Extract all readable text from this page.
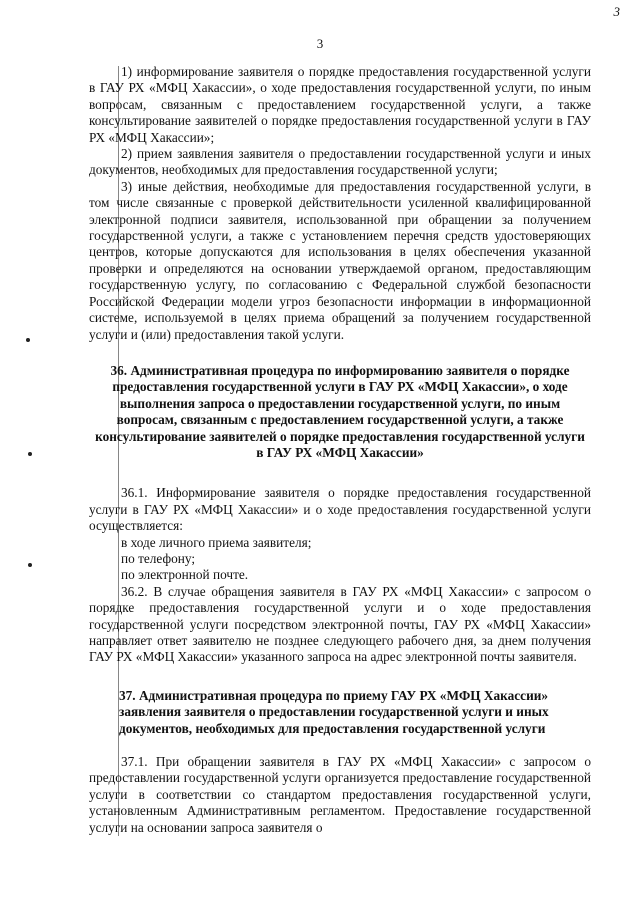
3
3

1) информирование заявителя о порядке предоставления государственной услуги в ГАУ РХ «МФЦ Хакассии», о ходе предоставления государственной услуги, по иным вопросам, связанным с предоставлением государственной услуги, а также консультирование заявителей о порядке предоставления государственной услуги в ГАУ РХ «МФЦ Хакассии»;

2) прием заявления заявителя о предоставлении государственной услуги и иных документов, необходимых для предоставления государственной услуги;

3) иные действия, необходимые для предоставления государственной услуги, в том числе связанные с проверкой действительности усиленной квалифицированной электронной подписи заявителя, использованной при обращении за получением государственной услуги, а также с установлением перечня средств удостоверяющих центров, которые допускаются для использования в целях обеспечения указанной проверки и определяются на основании утверждаемой органом, предоставляющим государственную услугу, по согласованию с Федеральной службой безопасности Российской Федерации модели угроз безопасности информации в информационной системе, используемой в целях приема обращений за получением государственной услуги и (или) предоставления такой услуги.

36. Административная процедура по информированию заявителя о порядке предоставления государственной услуги в ГАУ РХ «МФЦ Хакассии», о ходе выполнения запроса о предоставлении государственной услуги, по иным вопросам, связанным с предоставлением государственной услуги, а также консультирование заявителей о порядке предоставления государственной услуги в ГАУ РХ «МФЦ Хакассии»

36.1. Информирование заявителя о порядке предоставления государственной услуги в ГАУ РХ «МФЦ Хакассии» и о ходе предоставления государственной услуги осуществляется:

в ходе личного приема заявителя;
по телефону;
по электронной почте.

36.2. В случае обращения заявителя в ГАУ РХ «МФЦ Хакассии» с запросом о порядке предоставления государственной услуги и о ходе предоставления государственной услуги посредством электронной почты, ГАУ РХ «МФЦ Хакассии» направляет ответ заявителю не позднее следующего рабочего дня, за днем получения ГАУ РХ «МФЦ Хакассии» указанного запроса на адрес электронной почты заявителя.

37. Административная процедура по приему ГАУ РХ «МФЦ Хакассии» заявления заявителя о предоставлении государственной услуги и иных документов, необходимых для предоставления государственной услуги

37.1. При обращении заявителя в ГАУ РХ «МФЦ Хакассии» с запросом о предоставлении государственной услуги организуется предоставление государственной услуги в соответствии со стандартом предоставления государственной услуги, установленным Административным регламентом. Предоставление государственной услуги на основании запроса заявителя о
